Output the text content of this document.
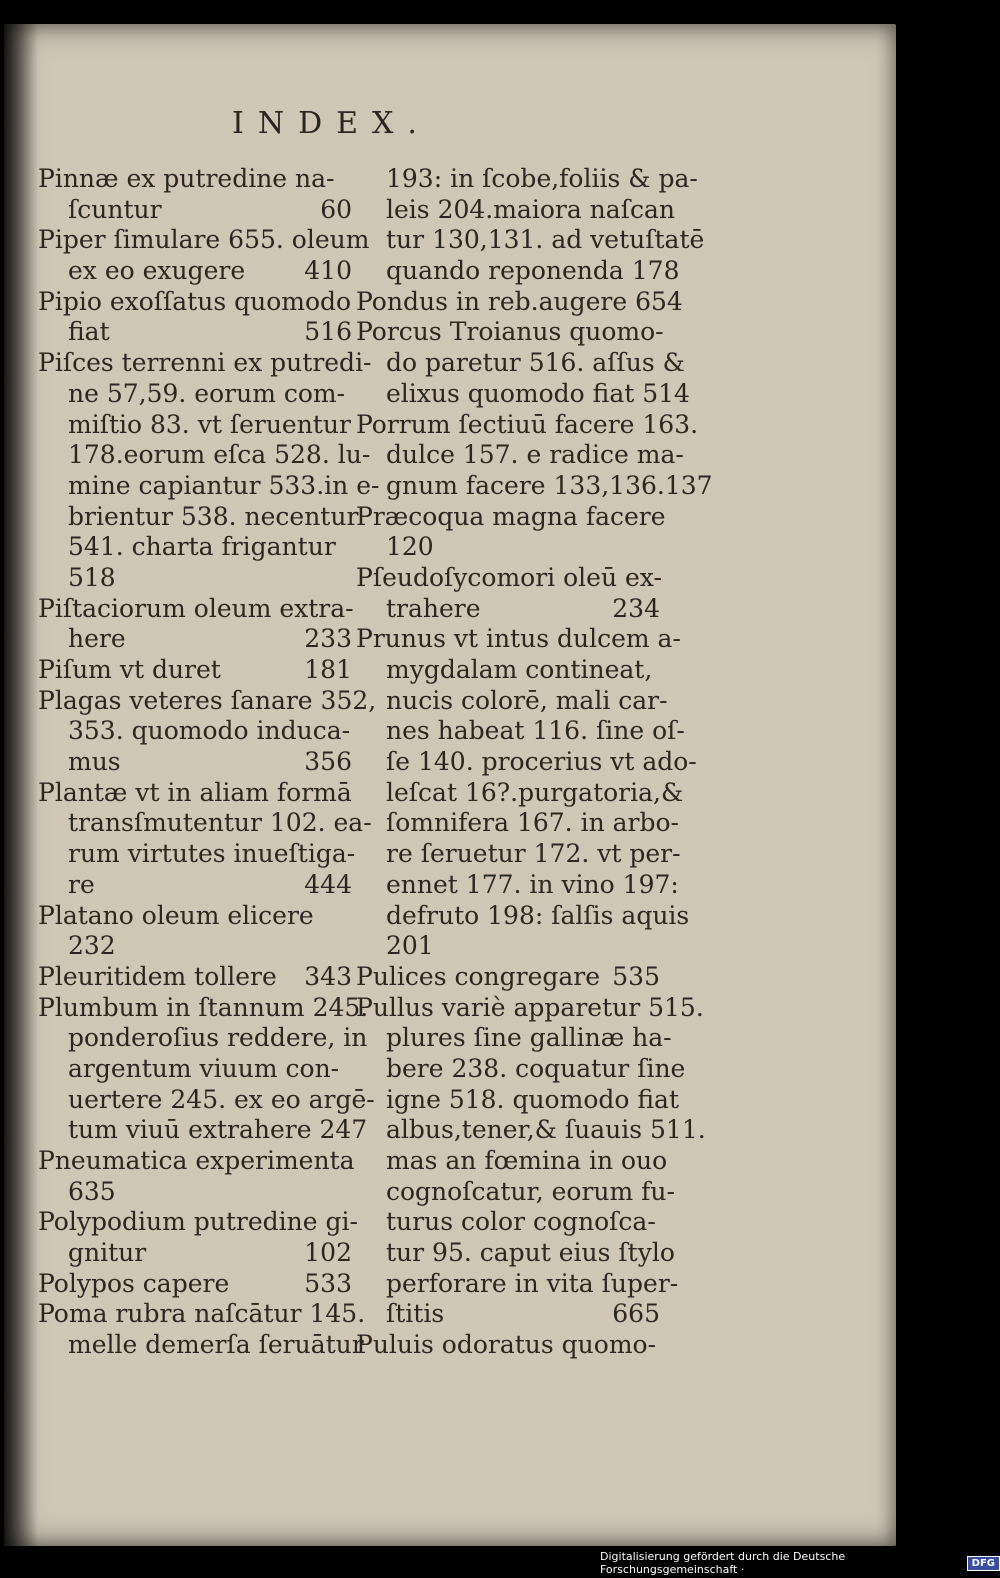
INDEX.
Pinnæ ex putredine na-
ſcuntur	60
Piper ſimulare 655. oleum
ex eo exugere 410
Pipio exoſſatus quomodo
fiat	516
Piſces terrenni ex putredi-
ne 57,59. eorum com-
miſtio 83. vt ſeruentur
178.eorum eſca 528. lu-
mine capiantur 533.in e-
brientur 538. necentur
541. charta frigantur
518
Piſtaciorum oleum extra-
here	233
Piſum vt duret	181
Plagas veteres ſanare 352,
353. quomodo induca-
mus	356
Plantæ vt in aliam formā
transſmutentur 102. ea-
rum virtutes inueſtiga-
re	444
Platano oleum elicere
232
Pleuritidem tollere 343
Plumbum in ſtannum 245.
ponderoſius reddere, in
argentum viuum con-
uertere 245. ex eo argē-
tum viuū extrahere 247
Pneumatica experimenta
635
Polypodium putredine gi-
gnitur	102
Polypos capere	533
Poma rubra naſcātur 145.
melle demerſa ſeruātur
193: in ſcobe,foliis & pa-
leis 204.maiora naſcan
tur 130,131. ad vetuſtatē
quando reponenda 178
Pondus in reb.augere 654
Porcus Troianus quomo-
do paretur 516. aſſus &
elixus quomodo fiat 514
Porrum ſectiuū facere 163.
dulce 157. e radice ma-
gnum facere 133,136.137
Præcoqua magna facere
120
Pſeudoſycomori oleū ex-
trahere	234
Prunus vt intus dulcem a-
mygdalam contineat,
nucis colorē, mali car-
nes habeat 116. ſine oſ-
ſe 140. procerius vt ado-
leſcat 16?.purgatoria,&
ſomnifera 167. in arbo-
re ſeruetur 172. vt per-
ennet 177. in vino 197:
defruto 198: ſalſis aquis
201
Pulices congregare 535
Pullus variè apparetur 515.
plures ſine gallinæ ha-
bere 238. coquatur ſine
igne 518. quomodo fiat
albus,tener,& ſuauis 511.
mas an fœmina in ouo
cognoſcatur, eorum fu-
turus color cognoſca-
tur 95. caput eius ſtylo
perforare in vita ſuper-
ſtitis	665
Puluis odoratus quomo-
Digitalisierung gefördert durch die Deutsche Forschungsgemeinschaft ·	DFG
